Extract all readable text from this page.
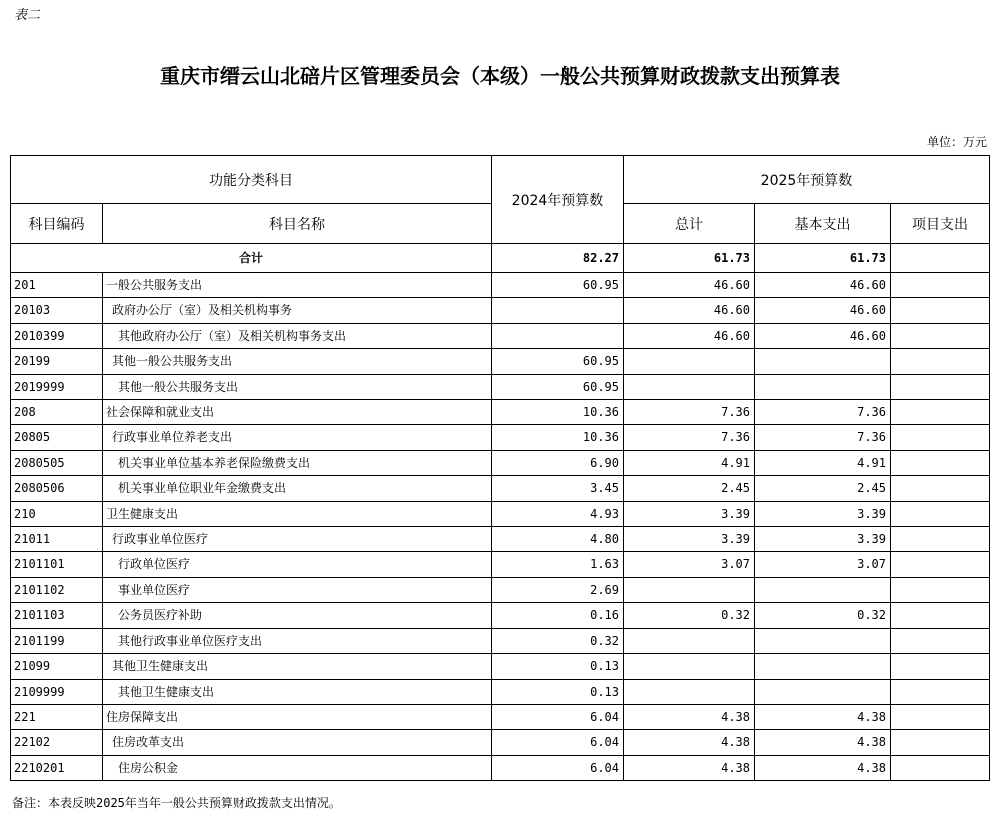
表二
重庆市缙云山北碚片区管理委员会（本级）一般公共预算财政拨款支出预算表
单位：万元
功能分类科目		2024年预算数	2025年预算数		
科目编码	科目名称		总计	基本支出	项目支出
合计		82.27	61.73	61.73	
201	一般公共服务支出	60.95	46.60	46.60	
20103	政府办公厅（室）及相关机构事务		46.60	46.60	
2010399	其他政府办公厅（室）及相关机构事务支出		46.60	46.60	
20199	其他一般公共服务支出	60.95			
2019999	其他一般公共服务支出	60.95			
208	社会保障和就业支出	10.36	7.36	7.36	
20805	行政事业单位养老支出	10.36	7.36	7.36	
2080505	机关事业单位基本养老保险缴费支出	6.90	4.91	4.91	
2080506	机关事业单位职业年金缴费支出	3.45	2.45	2.45	
210	卫生健康支出	4.93	3.39	3.39	
21011	行政事业单位医疗	4.80	3.39	3.39	
2101101	行政单位医疗	1.63	3.07	3.07	
2101102	事业单位医疗	2.69			
2101103	公务员医疗补助	0.16	0.32	0.32	
2101199	其他行政事业单位医疗支出	0.32			
21099	其他卫生健康支出	0.13			
2109999	其他卫生健康支出	0.13			
221	住房保障支出	6.04	4.38	4.38	
22102	住房改革支出	6.04	4.38	4.38	
2210201	住房公积金	6.04	4.38	4.38	
备注：本表反映2025年当年一般公共预算财政拨款支出情况。
